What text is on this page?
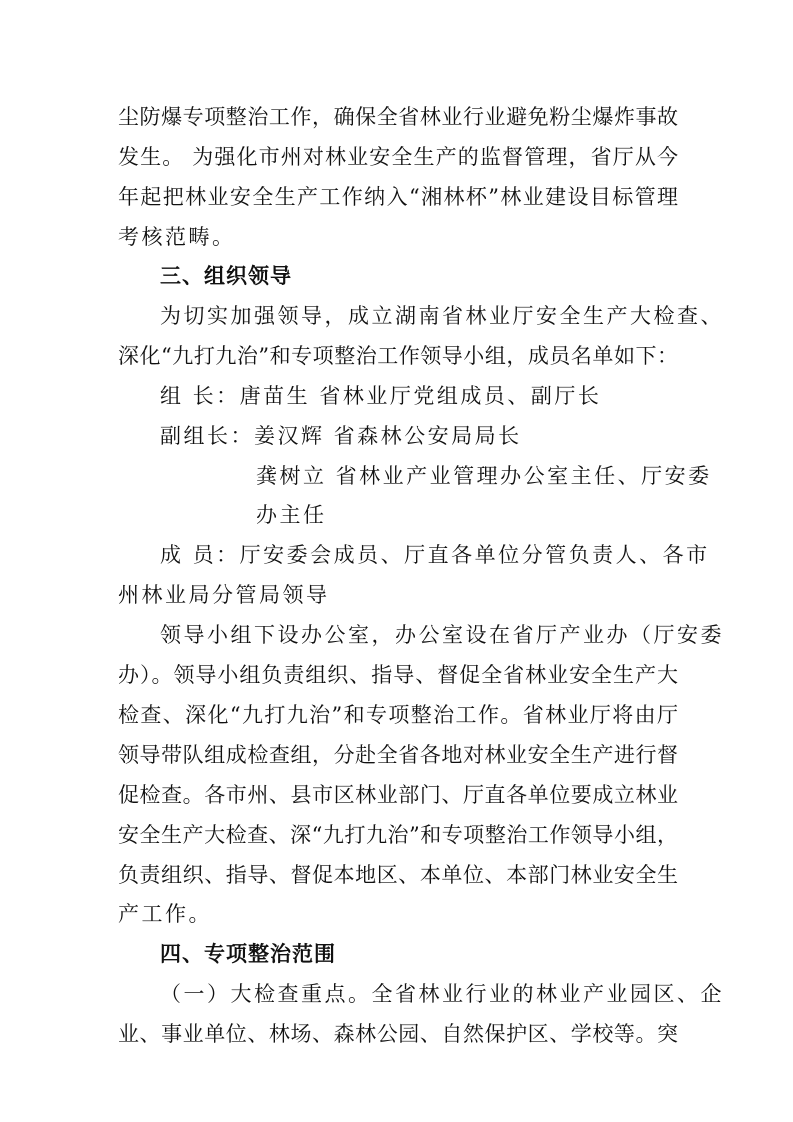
尘防爆专项整治工作，确保全省林业行业避免粉尘爆炸事故
发生。 为强化市州对林业安全生产的监督管理，省厅从今
年起把林业安全生产工作纳入“湘林杯”林业建设目标管理
考核范畴。
三、组织领导
为切实加强领导，成立湖南省林业厅安全生产大检查、
深化“九打九治”和专项整治工作领导小组，成员名单如下：
组 长：唐苗生 省林业厅党组成员、副厅长
副组长：姜汉辉 省森林公安局局长
龚树立 省林业产业管理办公室主任、厅安委
办主任
成 员：厅安委会成员、厅直各单位分管负责人、各市
州林业局分管局领导
领导小组下设办公室，办公室设在省厅产业办（厅安委
办）。领导小组负责组织、指导、督促全省林业安全生产大
检查、深化“九打九治”和专项整治工作。省林业厅将由厅
领导带队组成检查组，分赴全省各地对林业安全生产进行督
促检查。各市州、县市区林业部门、厅直各单位要成立林业
安全生产大检查、深“九打九治”和专项整治工作领导小组，
负责组织、指导、督促本地区、本单位、本部门林业安全生
产工作。
四、专项整治范围
（一）大检查重点。全省林业行业的林业产业园区、企
业、事业单位、林场、森林公园、自然保护区、学校等。突
